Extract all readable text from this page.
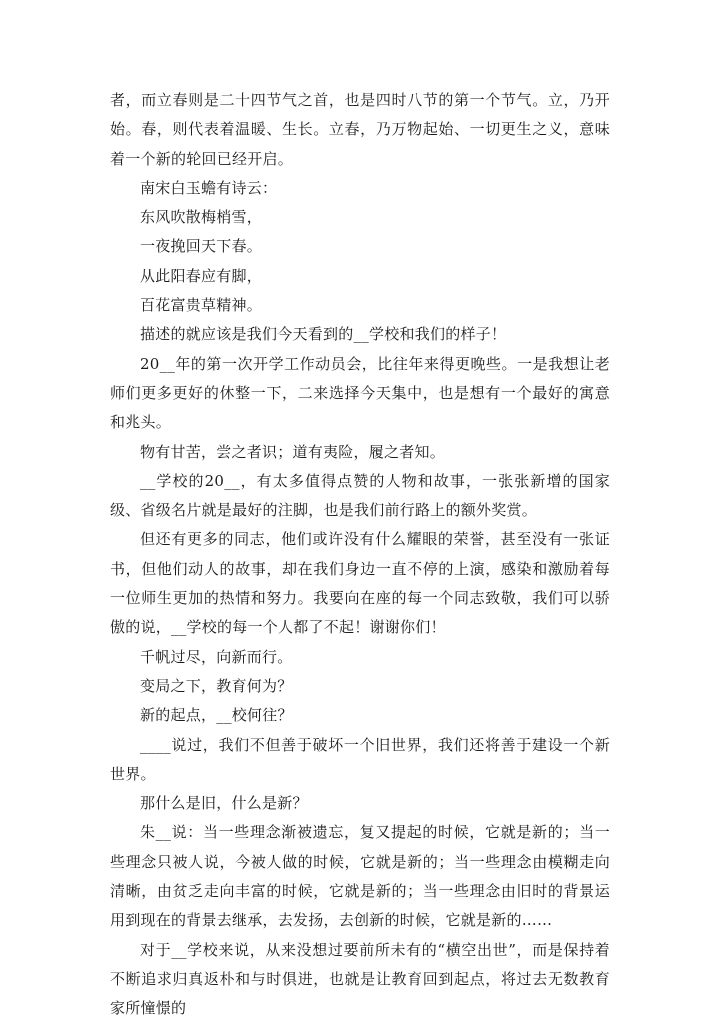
者，而立春则是二十四节气之首，也是四时八节的第一个节气。立，乃开始。春，则代表着温暖、生长。立春，乃万物起始、一切更生之义，意味着一个新的轮回已经开启。

南宋白玉蟾有诗云：

东风吹散梅梢雪，

一夜挽回天下春。

从此阳春应有脚，

百花富贵草精神。

描述的就应该是我们今天看到的__学校和我们的样子！

20__年的第一次开学工作动员会，比往年来得更晚些。一是我想让老师们更多更好的休整一下，二来选择今天集中，也是想有一个最好的寓意和兆头。

物有甘苦，尝之者识；道有夷险，履之者知。

__学校的20__，有太多值得点赞的人物和故事，一张张新增的国家级、省级名片就是最好的注脚，也是我们前行路上的额外奖赏。

但还有更多的同志，他们或许没有什么耀眼的荣誉，甚至没有一张证书，但他们动人的故事，却在我们身边一直不停的上演，感染和激励着每一位师生更加的热情和努力。我要向在座的每一个同志致敬，我们可以骄傲的说，__学校的每一个人都了不起！谢谢你们！

千帆过尽，向新而行。

变局之下，教育何为？

新的起点，__校何往？

____说过，我们不但善于破坏一个旧世界，我们还将善于建设一个新世界。

那什么是旧，什么是新？

朱__说：当一些理念渐被遗忘，复又提起的时候，它就是新的；当一些理念只被人说，今被人做的时候，它就是新的；当一些理念由模糊走向清晰，由贫乏走向丰富的时候，它就是新的；当一些理念由旧时的背景运用到现在的背景去继承，去发扬，去创新的时候，它就是新的……

对于__学校来说，从来没想过要前所未有的“横空出世”，而是保持着不断追求归真返朴和与时俱进，也就是让教育回到起点，将过去无数教育家所憧憬的
